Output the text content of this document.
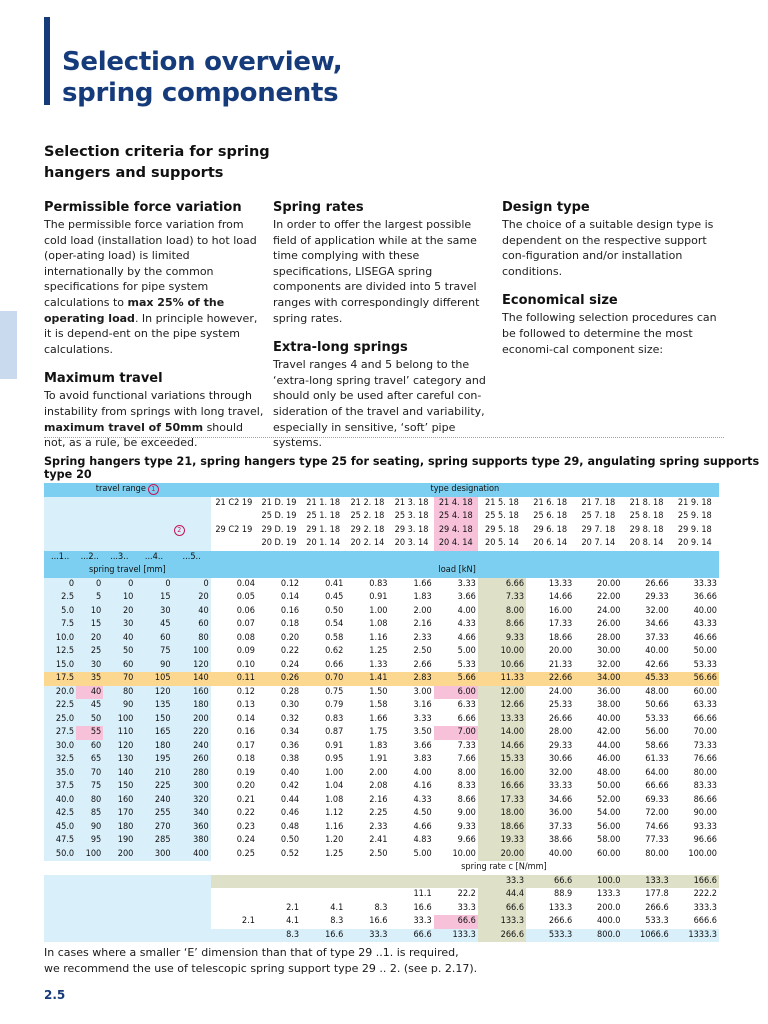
Selection overview,
spring components
Selection criteria for spring
hangers and supports
Permissible force variation

The permissible force variation from cold load (installation load) to hot load (oper-ating load) is limited internationally by the common specifications for pipe system calculations to max 25% of the operating load. In principle however, it is depend-ent on the pipe system calculations.

Maximum travel

To avoid functional variations through instability from springs with long travel, maximum travel of 50mm should not, as a rule, be exceeded.

Spring rates

In order to offer the largest possible field of application while at the same time complying with these specifications, LISEGA spring components are divided into 5 travel ranges with correspondingly different spring rates.

Extra-long springs

Travel ranges 4 and 5 belong to the ‘extra-long spring travel’ category and should only be used after careful con-sideration of the travel and variability, especially in sensitive, ‘soft’ pipe systems.

Design type

The choice of a suitable design type is dependent on the respective support con-figuration and/or installation conditions.

Economical size

The following selection procedures can be followed to determine the most economi-cal component size:

Spring hangers type 21, spring hangers type 25 for seating, spring supports type 29, angulating spring supports type 20
travel range 1					type designation										
					21 C2 19	21 D. 19	21 1. 18	21 2. 18	21 3. 18	21 4. 18	21 5. 18	21 6. 18	21 7. 18	21 8. 18	21 9. 18
						25 D. 19	25 1. 18	25 2. 18	25 3. 18	25 4. 18	25 5. 18	25 6. 18	25 7. 18	25 8. 18	25 9. 18
2					29 C2 19	29 D. 19	29 1. 18	29 2. 18	29 3. 18	29 4. 18	29 5. 18	29 6. 18	29 7. 18	29 8. 18	29 9. 18
						20 D. 19	20 1. 14	20 2. 14	20 3. 14	20 4. 14	20 5. 14	20 6. 14	20 7. 14	20 8. 14	20 9. 14
...1..	...2..	...3..	...4..	...5..											
spring travel [mm]					load [kN]										
0	0	0	0	0	0.04	0.12	0.41	0.83	1.66	3.33	6.66	13.33	20.00	26.66	33.33
2.5	5	10	15	20	0.05	0.14	0.45	0.91	1.83	3.66	7.33	14.66	22.00	29.33	36.66
5.0	10	20	30	40	0.06	0.16	0.50	1.00	2.00	4.00	8.00	16.00	24.00	32.00	40.00
7.5	15	30	45	60	0.07	0.18	0.54	1.08	2.16	4.33	8.66	17.33	26.00	34.66	43.33
10.0	20	40	60	80	0.08	0.20	0.58	1.16	2.33	4.66	9.33	18.66	28.00	37.33	46.66
12.5	25	50	75	100	0.09	0.22	0.62	1.25	2.50	5.00	10.00	20.00	30.00	40.00	50.00
15.0	30	60	90	120	0.10	0.24	0.66	1.33	2.66	5.33	10.66	21.33	32.00	42.66	53.33
17.5	35	70	105	140	0.11	0.26	0.70	1.41	2.83	5.66	11.33	22.66	34.00	45.33	56.66
20.0	40	80	120	160	0.12	0.28	0.75	1.50	3.00	6.00	12.00	24.00	36.00	48.00	60.00
22.5	45	90	135	180	0.13	0.30	0.79	1.58	3.16	6.33	12.66	25.33	38.00	50.66	63.33
25.0	50	100	150	200	0.14	0.32	0.83	1.66	3.33	6.66	13.33	26.66	40.00	53.33	66.66
27.5	55	110	165	220	0.16	0.34	0.87	1.75	3.50	7.00	14.00	28.00	42.00	56.00	70.00
30.0	60	120	180	240	0.17	0.36	0.91	1.83	3.66	7.33	14.66	29.33	44.00	58.66	73.33
32.5	65	130	195	260	0.18	0.38	0.95	1.91	3.83	7.66	15.33	30.66	46.00	61.33	76.66
35.0	70	140	210	280	0.19	0.40	1.00	2.00	4.00	8.00	16.00	32.00	48.00	64.00	80.00
37.5	75	150	225	300	0.20	0.42	1.04	2.08	4.16	8.33	16.66	33.33	50.00	66.66	83.33
40.0	80	160	240	320	0.21	0.44	1.08	2.16	4.33	8.66	17.33	34.66	52.00	69.33	86.66
42.5	85	170	255	340	0.22	0.46	1.12	2.25	4.50	9.00	18.00	36.00	54.00	72.00	90.00
45.0	90	180	270	360	0.23	0.48	1.16	2.33	4.66	9.33	18.66	37.33	56.00	74.66	93.33
47.5	95	190	285	380	0.24	0.50	1.20	2.41	4.83	9.66	19.33	38.66	58.00	77.33	96.66
50.0	100	200	300	400	0.25	0.52	1.25	2.50	5.00	10.00	20.00	40.00	60.00	80.00	100.00
										spring rate c [N/mm]					
											33.3	66.6	100.0	133.3	166.6
									11.1	22.2	44.4	88.9	133.3	177.8	222.2
						2.1	4.1	8.3	16.6	33.3	66.6	133.3	200.0	266.6	333.3
					2.1	4.1	8.3	16.6	33.3	66.6	133.3	266.6	400.0	533.3	666.6
						8.3	16.6	33.3	66.6	133.3	266.6	533.3	800.0	1066.6	1333.3
In cases where a smaller ‘E’ dimension than that of type 29 ..1. is required,
we recommend the use of telescopic spring support type 29 .. 2. (see p. 2.17).
2.5
